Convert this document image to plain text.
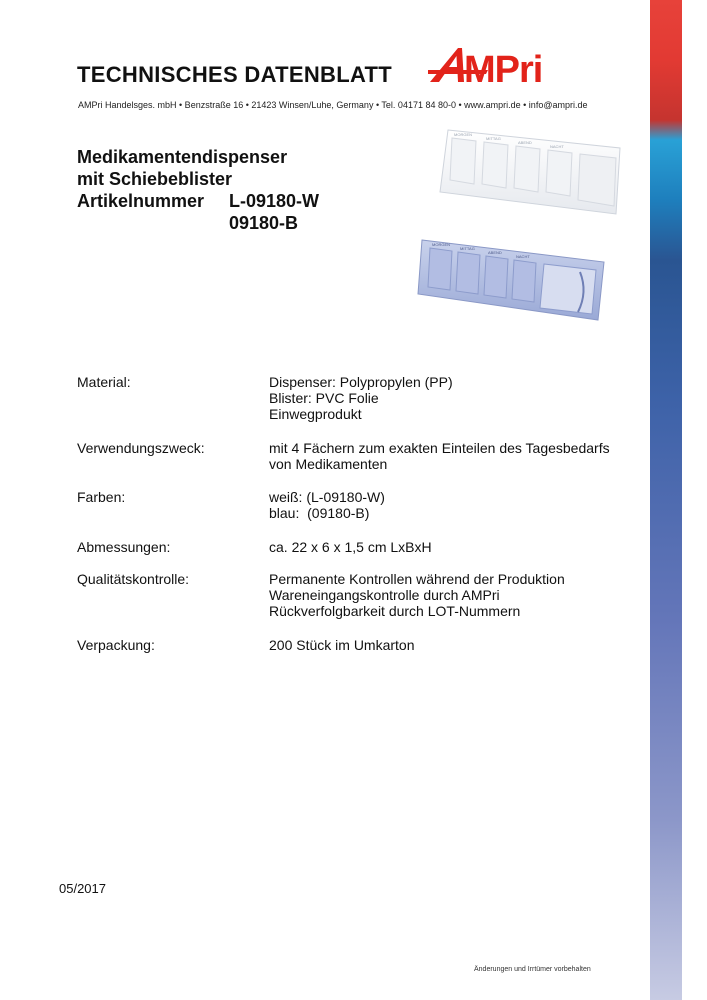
TECHNISCHES DATENBLATT
AMPri Handelsges. mbH • Benzstraße 16 • 21423 Winsen/Luhe, Germany • Tel. 04171 84 80-0 • www.ampri.de • info@ampri.de
MPri
Medikamentendispenser
mit Schiebeblister
Artikelnummer L-09180-W
09180-B
MORGEN
MITTAG
ABEND
NACHT
MORGEN
MITTAG
ABEND
NACHT
Material:	Dispenser: Polypropylen (PP)
Blister: PVC Folie
Einwegprodukt
Verwendungszweck:	mit 4 Fächern zum exakten Einteilen des Tagesbedarfs
von Medikamenten
Farben:	weiß: (L-09180-W)
blau:  (09180-B)
Abmessungen:	ca. 22 x 6 x 1,5 cm LxBxH
Qualitätskontrolle:	Permanente Kontrollen während der Produktion
Wareneingangskontrolle durch AMPri
Rückverfolgbarkeit durch LOT-Nummern
Verpackung:	200 Stück im Umkarton
05/2017
Änderungen und Irrtümer vorbehalten
